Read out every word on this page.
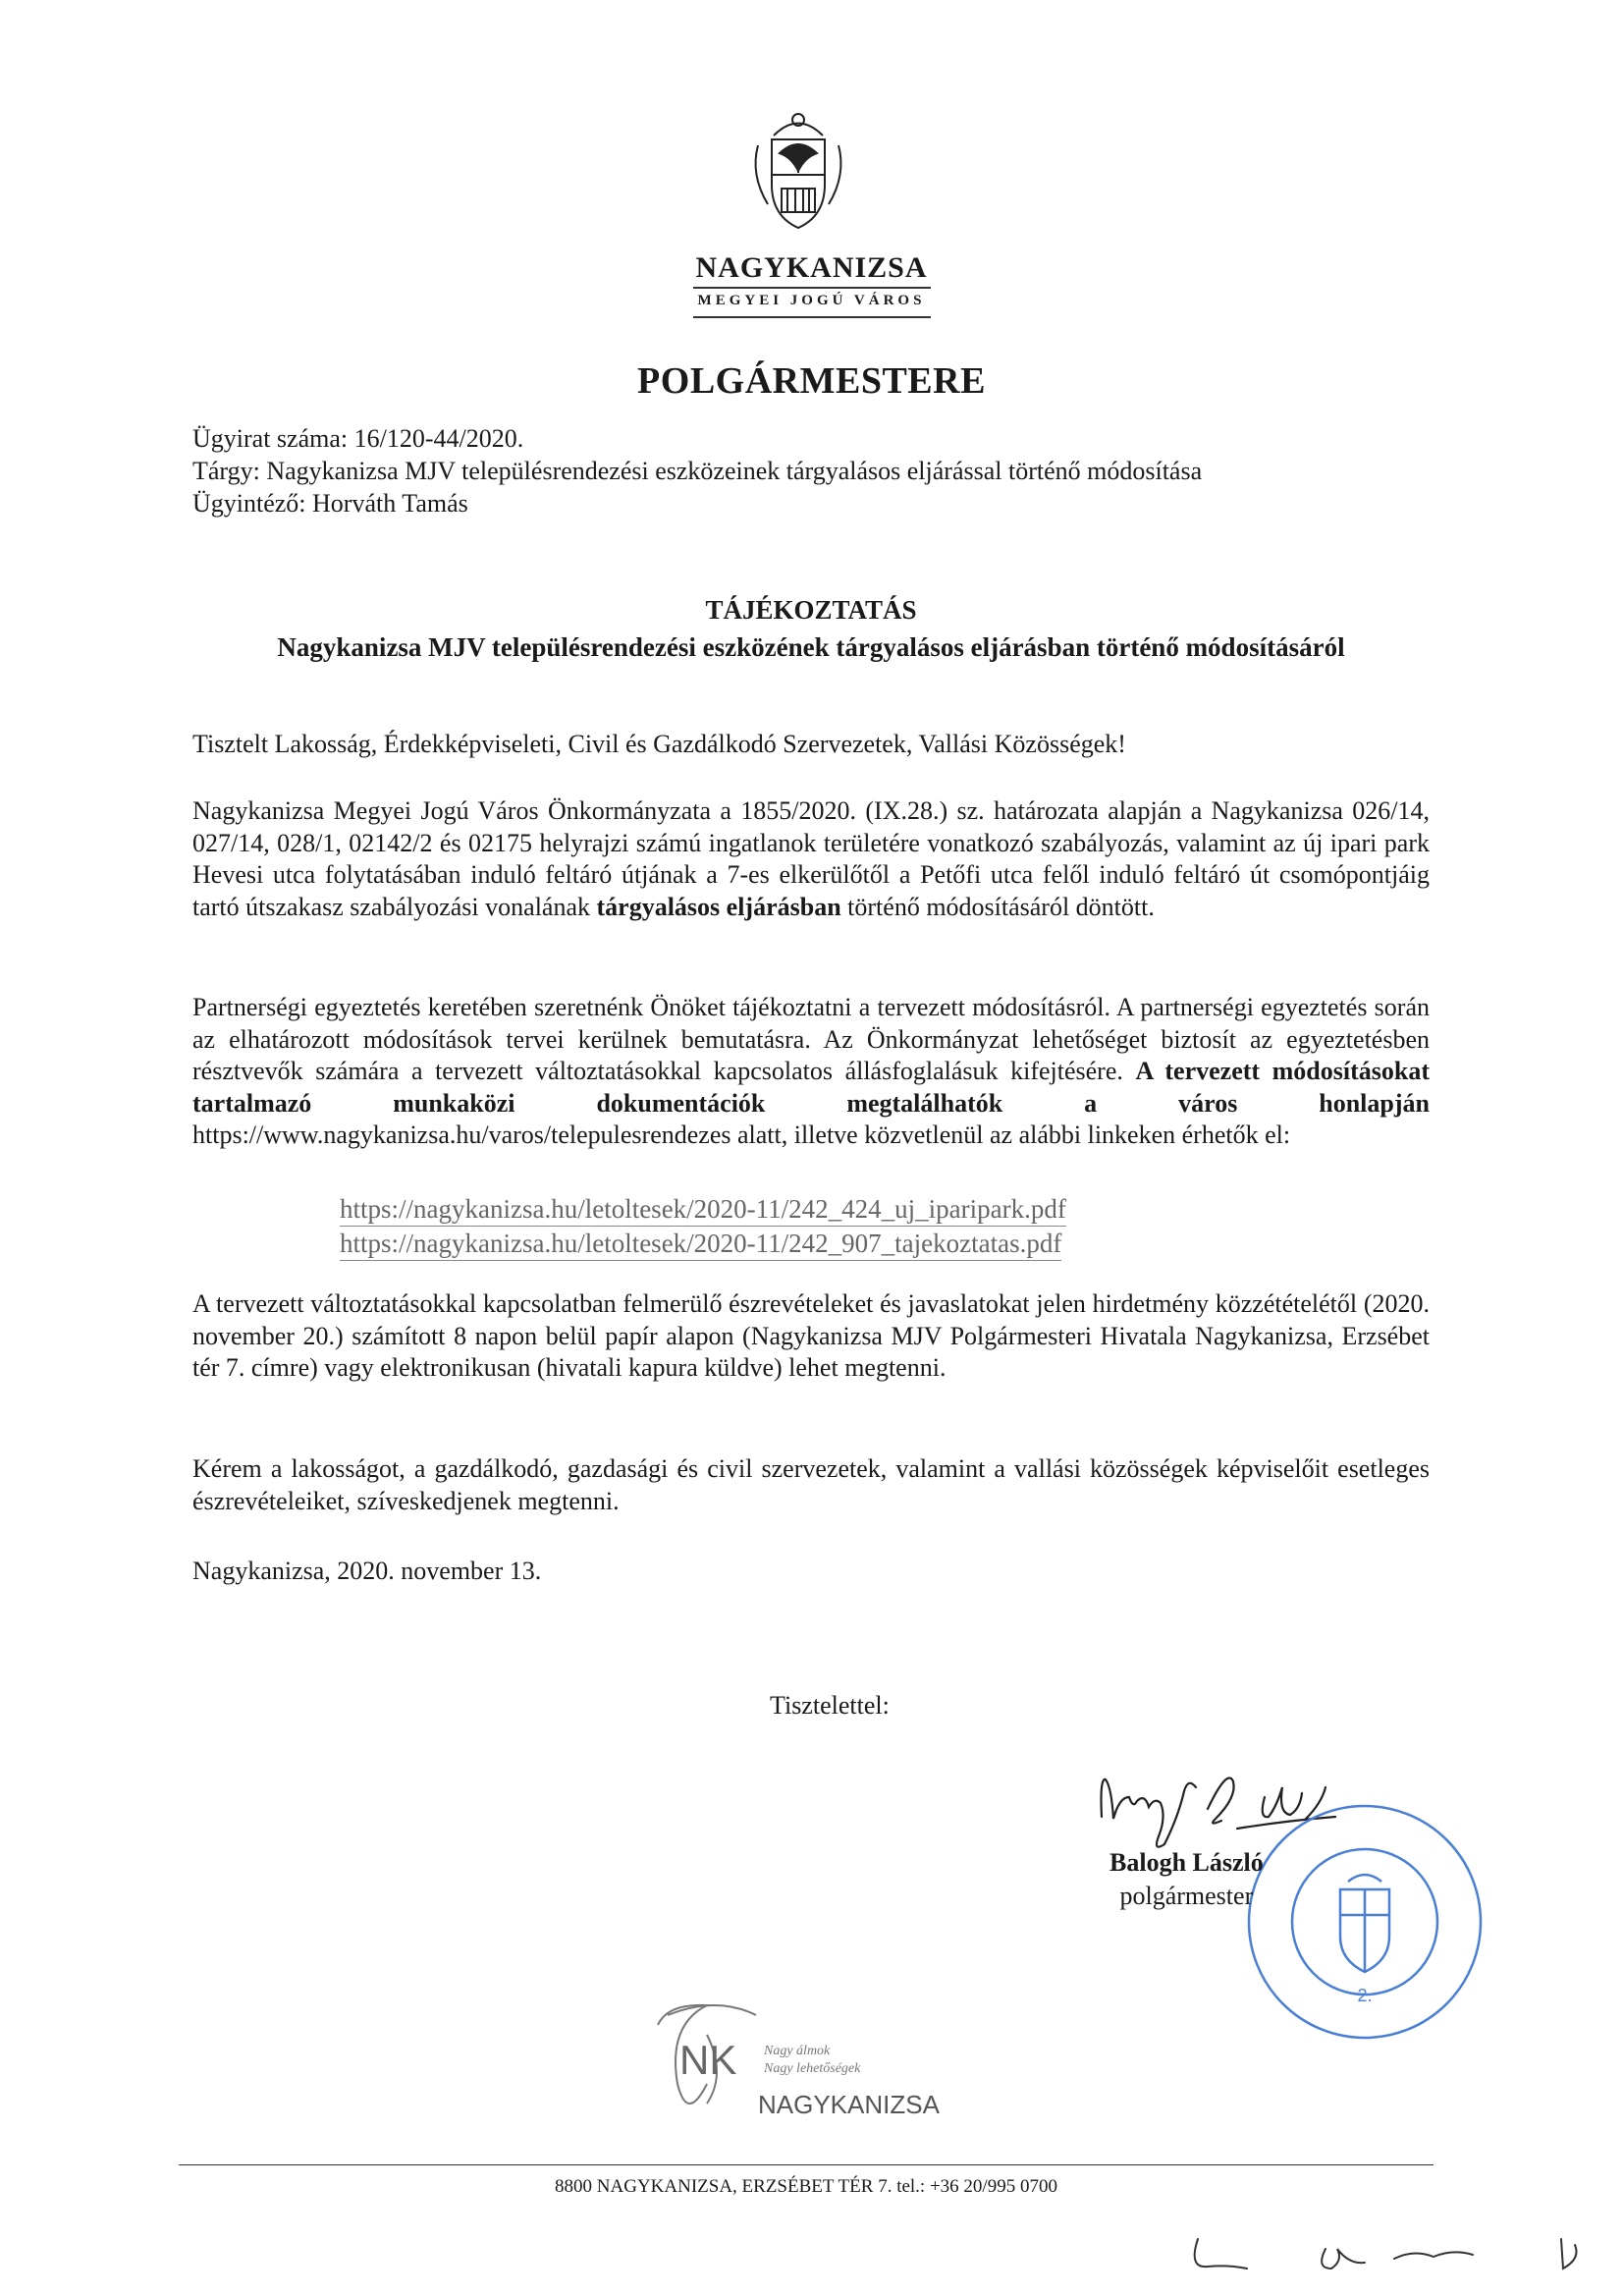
NAGYKANIZSA
MEGYEI JOGÚ VÁROS
POLGÁRMESTERE
Ügyirat száma: 16/120-44/2020.
Tárgy: Nagykanizsa MJV településrendezési eszközeinek tárgyalásos eljárással történő módosítása
Ügyintéző: Horváth Tamás
TÁJÉKOZTATÁS
Nagykanizsa MJV településrendezési eszközének tárgyalásos eljárásban történő módosításáról
Tisztelt Lakosság, Érdekképviseleti, Civil és Gazdálkodó Szervezetek, Vallási Közösségek!
Nagykanizsa Megyei Jogú Város Önkormányzata a 1855/2020. (IX.28.) sz. határozata alapján a Nagykanizsa 026/14, 027/14, 028/1, 02142/2 és 02175 helyrajzi számú ingatlanok területére vonatkozó szabályozás, valamint az új ipari park Hevesi utca folytatásában induló feltáró útjának a 7-es elkerülőtől a Petőfi utca felől induló feltáró út csomópontjáig tartó útszakasz szabályozási vonalának tárgyalásos eljárásban történő módosításáról döntött.
Partnerségi egyeztetés keretében szeretnénk Önöket tájékoztatni a tervezett módosításról. A partnerségi egyeztetés során az elhatározott módosítások tervei kerülnek bemutatásra. Az Önkormányzat lehetőséget biztosít az egyeztetésben résztvevők számára a tervezett változtatásokkal kapcsolatos állásfoglalásuk kifejtésére. A tervezett módosításokat tartalmazó munkaközi dokumentációk megtalálhatók a város honlapján https://www.nagykanizsa.hu/varos/telepulesrendezes alatt, illetve közvetlenül az alábbi linkeken érhetők el:
https://nagykanizsa.hu/letoltesek/2020-11/242_424_uj_iparipark.pdf
https://nagykanizsa.hu/letoltesek/2020-11/242_907_tajekoztatas.pdf
A tervezett változtatásokkal kapcsolatban felmerülő észrevételeket és javaslatokat jelen hirdetmény közzétételétől (2020. november 20.) számított 8 napon belül papír alapon (Nagykanizsa MJV Polgármesteri Hivatala Nagykanizsa, Erzsébet tér 7. címre) vagy elektronikusan (hivatali kapura küldve) lehet megtenni.
Kérem a lakosságot, a gazdálkodó, gazdasági és civil szervezetek, valamint a vallási közösségek képviselőit esetleges észrevételeiket, szíveskedjenek megtenni.
Nagykanizsa, 2020. november 13.
Tisztelettel:
2.
Balogh László
polgármester
NK Nagy álmok
Nagy lehetőségek
NAGYKANIZSA
8800 NAGYKANIZSA, ERZSÉBET TÉR 7. tel.: +36 20/995 0700
